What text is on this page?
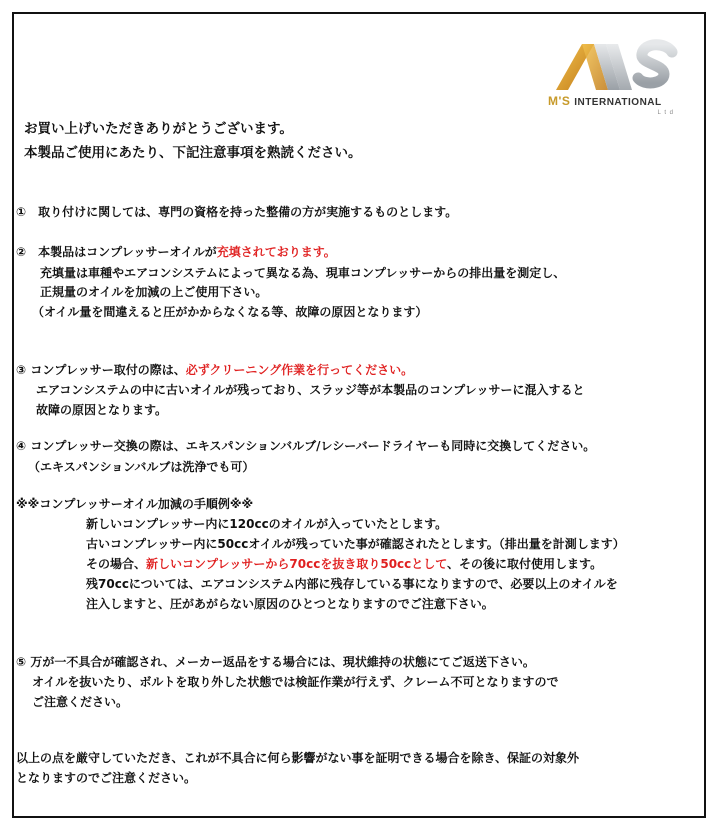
M'S INTERNATIONAL
L t d
お買い上げいただきありがとうございます。
本製品ご使用にあたり、下記注意事項を熟読ください。
①　取り付けに関しては、専門の資格を持った整備の方が実施するものとします。
②　本製品はコンプレッサーオイルが充填されております。
充填量は車種やエアコンシステムによって異なる為、現車コンプレッサーからの排出量を測定し、
正規量のオイルを加減の上ご使用下さい。
（オイル量を間違えると圧がかからなくなる等、故障の原因となります）
③ コンプレッサー取付の際は、必ずクリーニング作業を行ってください。
エアコンシステムの中に古いオイルが残っており、スラッジ等が本製品のコンプレッサーに混入すると
故障の原因となります。
④ コンプレッサー交換の際は、エキスパンションバルブ/レシーバードライヤーも同時に交換してください。
（エキスパンションバルブは洗浄でも可）
※※コンプレッサーオイル加減の手順例※※
新しいコンプレッサー内に120ccのオイルが入っていたとします。
古いコンプレッサー内に50ccオイルが残っていた事が確認されたとします。（排出量を計測します）
その場合、新しいコンプレッサーから70ccを抜き取り50ccとして、その後に取付使用します。
残70ccについては、エアコンシステム内部に残存している事になりますので、必要以上のオイルを
注入しますと、圧があがらない原因のひとつとなりますのでご注意下さい。
⑤ 万が一不具合が確認され、メーカー返品をする場合には、現状維持の状態にてご返送下さい。
オイルを抜いたり、ボルトを取り外した状態では検証作業が行えず、クレーム不可となりますので
ご注意ください。
以上の点を厳守していただき、これが不具合に何ら影響がない事を証明できる場合を除き、保証の対象外
となりますのでご注意ください。
